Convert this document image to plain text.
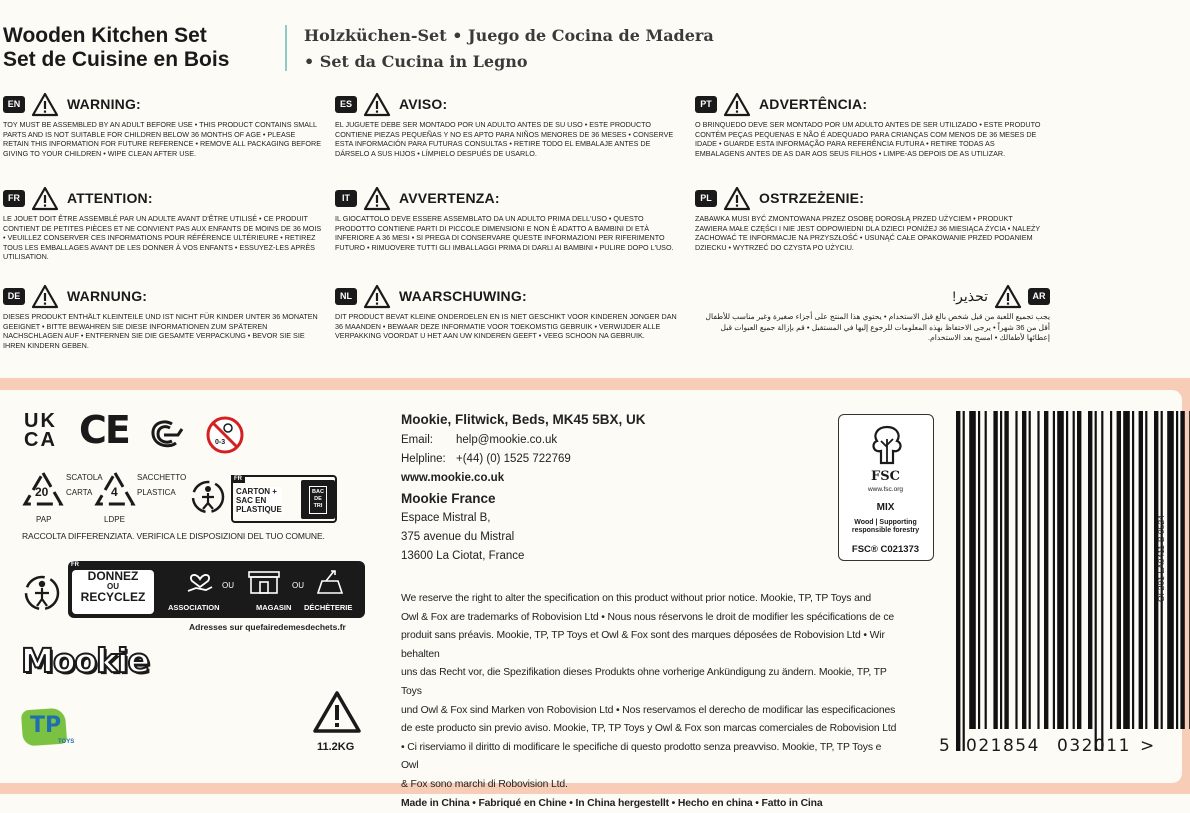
Wooden Kitchen Set
Set de Cuisine en Bois
Holzküchen-Set • Juego de Cocina de Madera
• Set da Cucina in Legno
EN	WARNING:
TOY MUST BE ASSEMBLED BY AN ADULT BEFORE USE • THIS PRODUCT CONTAINS SMALL PARTS AND IS NOT SUITABLE FOR CHILDREN BELOW 36 MONTHS OF AGE • PLEASE RETAIN THIS INFORMATION FOR FUTURE REFERENCE • REMOVE ALL PACKAGING BEFORE GIVING TO YOUR CHILDREN • WIPE CLEAN AFTER USE.
ES	AVISO:
EL JUGUETE DEBE SER MONTADO POR UN ADULTO ANTES DE SU USO • ESTE PRODUCTO CONTIENE PIEZAS PEQUEÑAS Y NO ES APTO PARA NIÑOS MENORES DE 36 MESES • CONSERVE ESTA INFORMACIÓN PARA FUTURAS CONSULTAS • RETIRE TODO EL EMBALAJE ANTES DE DÁRSELO A SUS HIJOS • LÍMPIELO DESPUÉS DE USARLO.
PT	ADVERTÊNCIA:
O BRINQUEDO DEVE SER MONTADO POR UM ADULTO ANTES DE SER UTILIZADO • ESTE PRODUTO CONTÉM PEÇAS PEQUENAS E NÃO É ADEQUADO PARA CRIANÇAS COM MENOS DE 36 MESES DE IDADE • GUARDE ESTA INFORMAÇÃO PARA REFERÊNCIA FUTURA • RETIRE TODAS AS EMBALAGENS ANTES DE AS DAR AOS SEUS FILHOS • LIMPE-AS DEPOIS DE AS UTILIZAR.
FR	ATTENTION:
LE JOUET DOIT ÊTRE ASSEMBLÉ PAR UN ADULTE AVANT D'ÊTRE UTILISÉ • CE PRODUIT CONTIENT DE PETITES PIÈCES ET NE CONVIENT PAS AUX ENFANTS DE MOINS DE 36 MOIS • VEUILLEZ CONSERVER CES INFORMATIONS POUR RÉFÉRENCE ULTÉRIEURE • RETIREZ TOUS LES EMBALLAGES AVANT DE LES DONNER À VOS ENFANTS • ESSUYEZ-LES APRÈS UTILISATION.
IT	AVVERTENZA:
IL GIOCATTOLO DEVE ESSERE ASSEMBLATO DA UN ADULTO PRIMA DELL'USO • QUESTO PRODOTTO CONTIENE PARTI DI PICCOLE DIMENSIONI E NON È ADATTO A BAMBINI DI ETÀ INFERIORE A 36 MESI • SI PREGA DI CONSERVARE QUESTE INFORMAZIONI PER RIFERIMENTO FUTURO • RIMUOVERE TUTTI GLI IMBALLAGGI PRIMA DI DARLI AI BAMBINI • PULIRE DOPO L'USO.
PL	OSTRZEŻENIE:
ZABAWKA MUSI BYĆ ZMONTOWANA PRZEZ OSOBĘ DOROSŁĄ PRZED UŻYCIEM • PRODUKT ZAWIERA MAŁE CZĘŚCI I NIE JEST ODPOWIEDNI DLA DZIECI PONIŻEJ 36 MIESIĄCA ŻYCIA • NALEŻY ZACHOWAĆ TE INFORMACJE NA PRZYSZŁOŚĆ • USUNĄĆ CAŁE OPAKOWANIE PRZED PODANIEM DZIECKU • WYTRZEĆ DO CZYSTA PO UŻYCIU.
DE	WARNUNG:
DIESES PRODUKT ENTHÄLT KLEINTEILE UND IST NICHT FÜR KINDER UNTER 36 MONATEN GEEIGNET • BITTE BEWAHREN SIE DIESE INFORMATIONEN ZUM SPÄTEREN NACHSCHLAGEN AUF • ENTFERNEN SIE DIE GESAMTE VERPACKUNG • BEVOR SIE SIE IHREN KINDERN GEBEN.
NL	WAARSCHUWING:
DIT PRODUCT BEVAT KLEINE ONDERDELEN EN IS NIET GESCHIKT VOOR KINDEREN JONGER DAN 36 MAANDEN • BEWAAR DEZE INFORMATIE VOOR TOEKOMSTIG GEBRUIK • VERWIJDER ALLE VERPAKKING VOORDAT U HET AAN UW KINDEREN GEEFT • VEEG SCHOON NA GEBRUIK.
AR
تحذير!
يجب تجميع اللعبة من قبل شخص بالغ قبل الاستخدام • يحتوي هذا المنتج على أجزاء صغيرة وغير مناسب للأطفال أقل من 36 شهراً • يرجى الاحتفاظ بهذه المعلومات للرجوع إليها في المستقبل • قم بإزالة جميع العبوات قبل إعطائها لأطفالك • امسح بعد الاستخدام.
UK
CA CE	0-3
20
PAP
SCATOLA
CARTA	4
LDPE
SACCHETTO
PLASTICA
FR
CARTON +
SAC EN
PLASTIQUE
BAC
DE
TRI
RACCOLTA DIFFERENZIATA. VERIFICA LE DISPOSIZIONI DEL TUO COMUNE.
FR
DONNEZ
OU
RECYCLEZ
OU	OU
ASSOCIATION	MAGASIN DÉCHÈTERIE
Adresses sur quefairedemesdechets.fr
Mookie
TP
TOYS	11.2KG
Mookie, Flitwick, Beds, MK45 5BX, UK
Email: help@mookie.co.uk
Helpline: +(44) (0) 1525 722769
www.mookie.co.uk
Mookie France
Espace Mistral B,
375 avenue du Mistral
13600 La Ciotat, France
We reserve the right to alter the specification on this product without prior notice. Mookie, TP, TP Toys and
Owl & Fox are trademarks of Robovision Ltd • Nous nous réservons le droit de modifier les spécifications de ce
produit sans préavis. Mookie, TP, TP Toys et Owl & Fox sont des marques déposées de Robovision Ltd • Wir behalten
uns das Recht vor, die Spezifikation dieses Produkts ohne vorherige Ankündigung zu ändern. Mookie, TP, TP Toys
und Owl & Fox sind Marken von Robovision Ltd • Nos reservamos el derecho de modificar las especificaciones
de este producto sin previo aviso. Mookie, TP, TP Toys y Owl & Fox son marcas comerciales de Robovision Ltd
• Ci riserviamo il diritto di modificare le specifiche di questo prodotto senza preavviso. Mookie, TP, TP Toys e Owl
& Fox sono marchi di Robovision Ltd.
Made in China • Fabriqué en Chine • In China hergestellt • Hecho en china • Fatto in Cina
FSC
www.fsc.org
MIX
Wood | Supporting
responsible forestry
FSC® C021373
5 021854 032011 >
OF201 LA0411-B 0524
